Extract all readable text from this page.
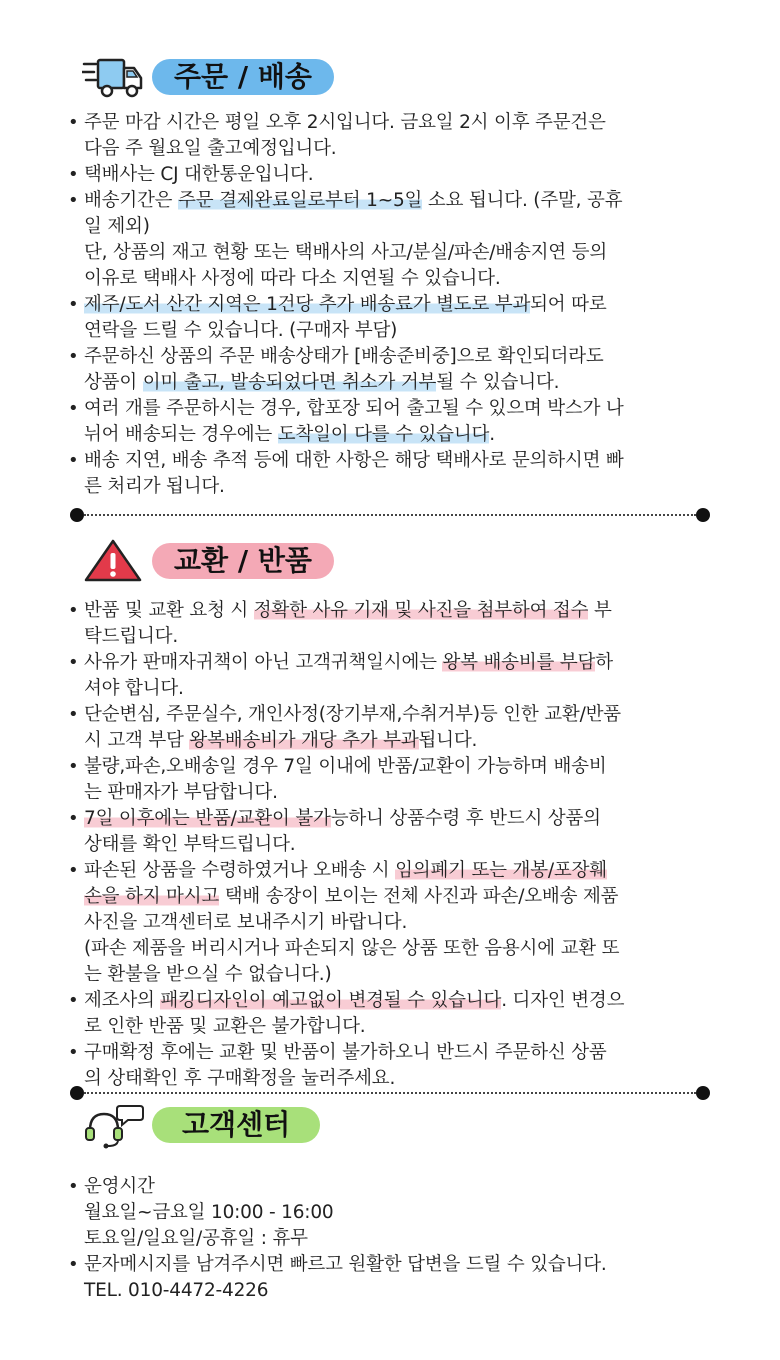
주문 / 배송
• 주문 마감 시간은 평일 오후 2시입니다. 금요일 2시 이후 주문건은
다음 주 월요일 출고예정입니다.
• 택배사는 CJ 대한통운입니다.
• 배송기간은 주문 결제완료일로부터 1~5일 소요 됩니다. (주말, 공휴
일 제외)
단, 상품의 재고 현황 또는 택배사의 사고/분실/파손/배송지연 등의
이유로 택배사 사정에 따라 다소 지연될 수 있습니다.
• 제주/도서 산간 지역은 1건당 추가 배송료가 별도로 부과되어 따로
연락을 드릴 수 있습니다. (구매자 부담)
• 주문하신 상품의 주문 배송상태가 [배송준비중]으로 확인되더라도
상품이 이미 출고, 발송되었다면 취소가 거부될 수 있습니다.
• 여러 개를 주문하시는 경우, 합포장 되어 출고될 수 있으며 박스가 나
뉘어 배송되는 경우에는 도착일이 다를 수 있습니다.
• 배송 지연, 배송 추적 등에 대한 사항은 해당 택배사로 문의하시면 빠
른 처리가 됩니다.
교환 / 반품
• 반품 및 교환 요청 시 정확한 사유 기재 및 사진을 첨부하여 접수 부
탁드립니다.
• 사유가 판매자귀책이 아닌 고객귀책일시에는 왕복 배송비를 부담하
셔야 합니다.
• 단순변심, 주문실수, 개인사정(장기부재,수취거부)등 인한 교환/반품
시 고객 부담 왕복배송비가 개당 추가 부과됩니다.
• 불량,파손,오배송일 경우 7일 이내에 반품/교환이 가능하며 배송비
는 판매자가 부담합니다.
• 7일 이후에는 반품/교환이 불가능하니 상품수령 후 반드시 상품의
상태를 확인 부탁드립니다.
• 파손된 상품을 수령하였거나 오배송 시 임의폐기 또는 개봉/포장훼
손을 하지 마시고 택배 송장이 보이는 전체 사진과 파손/오배송 제품
사진을 고객센터로 보내주시기 바랍니다.
(파손 제품을 버리시거나 파손되지 않은 상품 또한 음용시에 교환 또
는 환불을 받으실 수 없습니다.)
• 제조사의 패킹디자인이 예고없이 변경될 수 있습니다. 디자인 변경으
로 인한 반품 및 교환은 불가합니다.
• 구매확정 후에는 교환 및 반품이 불가하오니 반드시 주문하신 상품
의 상태확인 후 구매확정을 눌러주세요.
고객센터
• 운영시간
월요일~금요일 10:00 - 16:00
토요일/일요일/공휴일 : 휴무
• 문자메시지를 남겨주시면 빠르고 원활한 답변을 드릴 수 있습니다.
TEL. 010-4472-4226
